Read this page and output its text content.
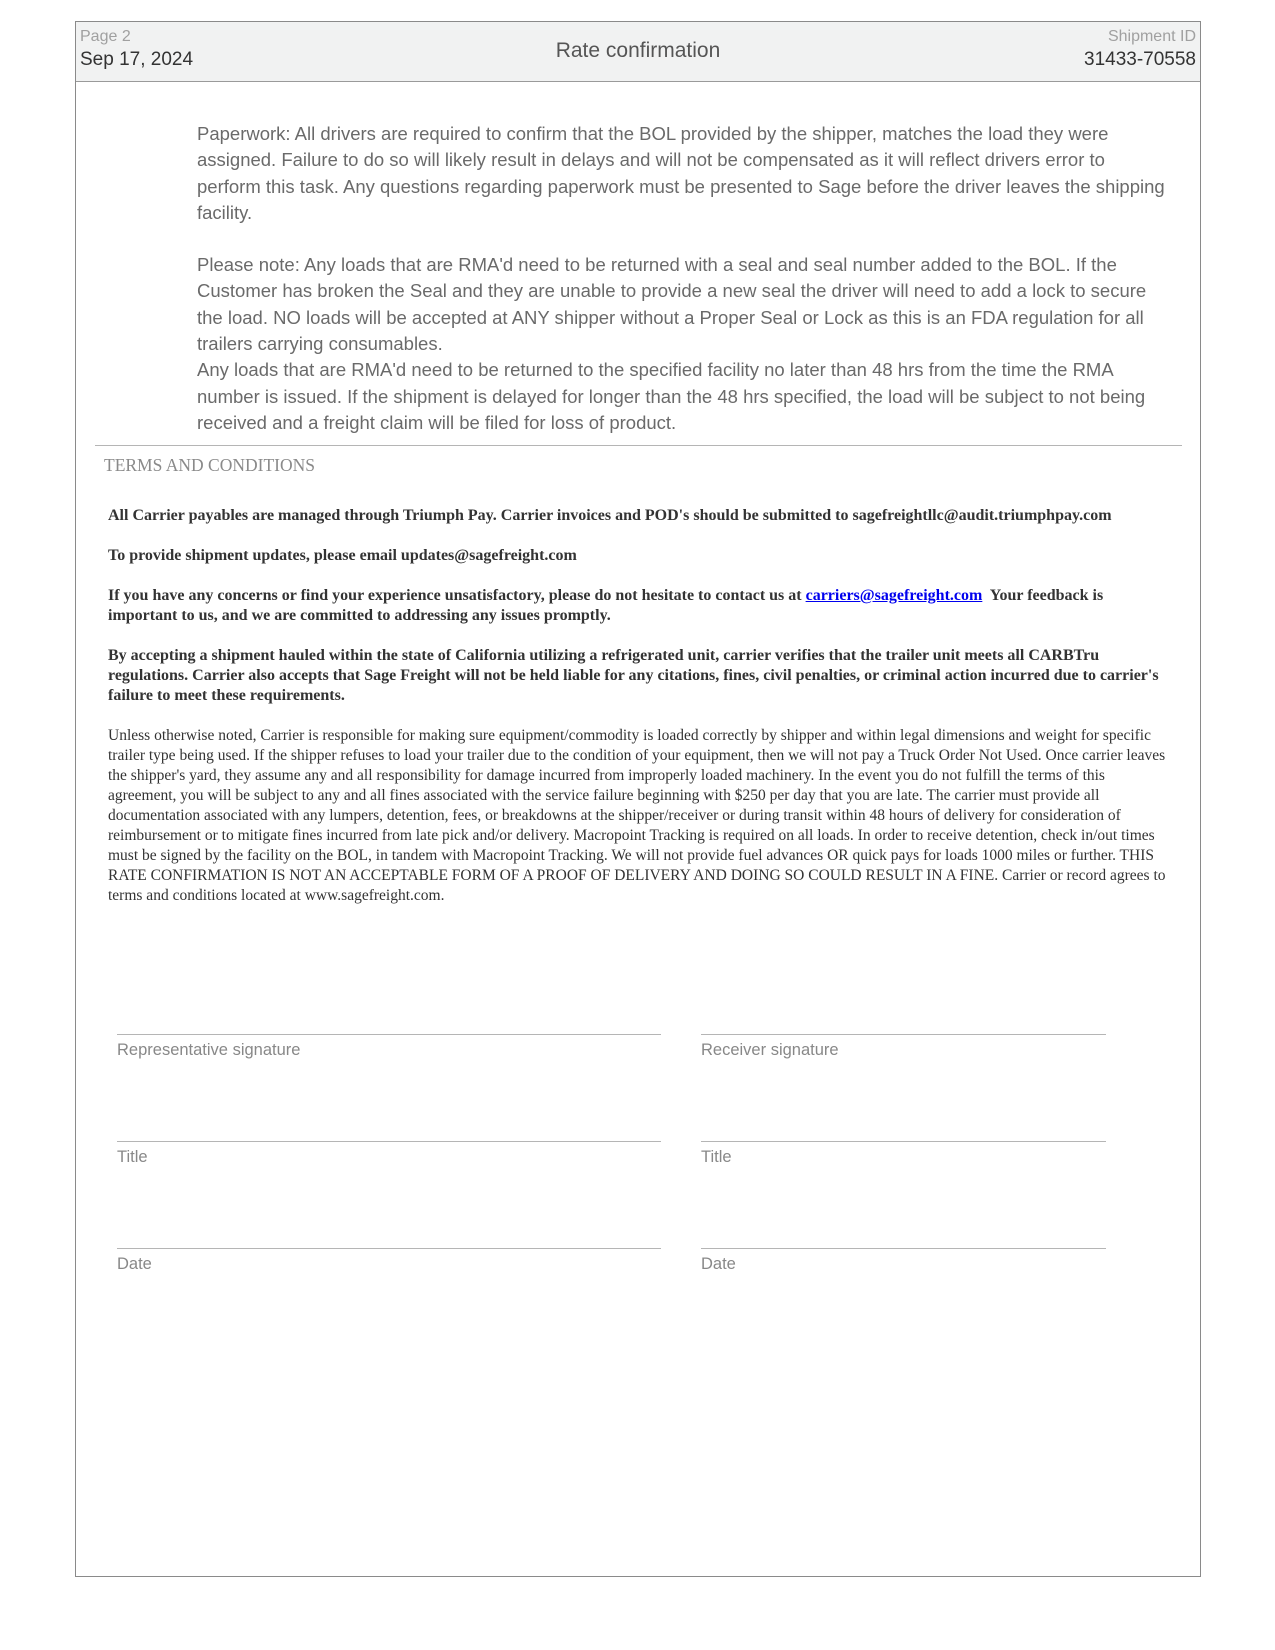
Page 2
Sep 17, 2024	Rate confirmation
Shipment ID
31433-70558

Paperwork: All drivers are required to confirm that the BOL provided by the shipper, matches the load they were assigned. Failure to do so will likely result in delays and will not be compensated as it will reflect drivers error to perform this task. Any questions regarding paperwork must be presented to Sage before the driver leaves the shipping facility.

Please note: Any loads that are RMA'd need to be returned with a seal and seal number added to the BOL. If the Customer has broken the Seal and they are unable to provide a new seal the driver will need to add a lock to secure the load. NO loads will be accepted at ANY shipper without a Proper Seal or Lock as this is an FDA regulation for all trailers carrying consumables.

Any loads that are RMA'd need to be returned to the specified facility no later than 48 hrs from the time the RMA number is issued. If the shipment is delayed for longer than the 48 hrs specified, the load will be subject to not being received and a freight claim will be filed for loss of product.

TERMS AND CONDITIONS

All Carrier payables are managed through Triumph Pay. Carrier invoices and POD's should be submitted to sagefreightllc@audit.triumphpay.com

To provide shipment updates, please email updates@sagefreight.com

If you have any concerns or find your experience unsatisfactory, please do not hesitate to contact us at carriers@sagefreight.com  Your feedback is important to us, and we are committed to addressing any issues promptly.

By accepting a shipment hauled within the state of California utilizing a refrigerated unit, carrier verifies that the trailer unit meets all CARBTru regulations. Carrier also accepts that Sage Freight will not be held liable for any citations, fines, civil penalties, or criminal action incurred due to carrier's failure to meet these requirements.

Unless otherwise noted, Carrier is responsible for making sure equipment/commodity is loaded correctly by shipper and within legal dimensions and weight for specific trailer type being used. If the shipper refuses to load your trailer due to the condition of your equipment, then we will not pay a Truck Order Not Used. Once carrier leaves the shipper's yard, they assume any and all responsibility for damage incurred from improperly loaded machinery. In the event you do not fulfill the terms of this agreement, you will be subject to any and all fines associated with the service failure beginning with $250 per day that you are late. The carrier must provide all documentation associated with any lumpers, detention, fees, or breakdowns at the shipper/receiver or during transit within 48 hours of delivery for consideration of reimbursement or to mitigate fines incurred from late pick and/or delivery. Macropoint Tracking is required on all loads. In order to receive detention, check in/out times must be signed by the facility on the BOL, in tandem with Macropoint Tracking. We will not provide fuel advances OR quick pays for loads 1000 miles or further. THIS RATE CONFIRMATION IS NOT AN ACCEPTABLE FORM OF A PROOF OF DELIVERY AND DOING SO COULD RESULT IN A FINE. Carrier or record agrees to terms and conditions located at www.sagefreight.com.

Representative signature	Receiver signature
Title	Title
Date	Date
